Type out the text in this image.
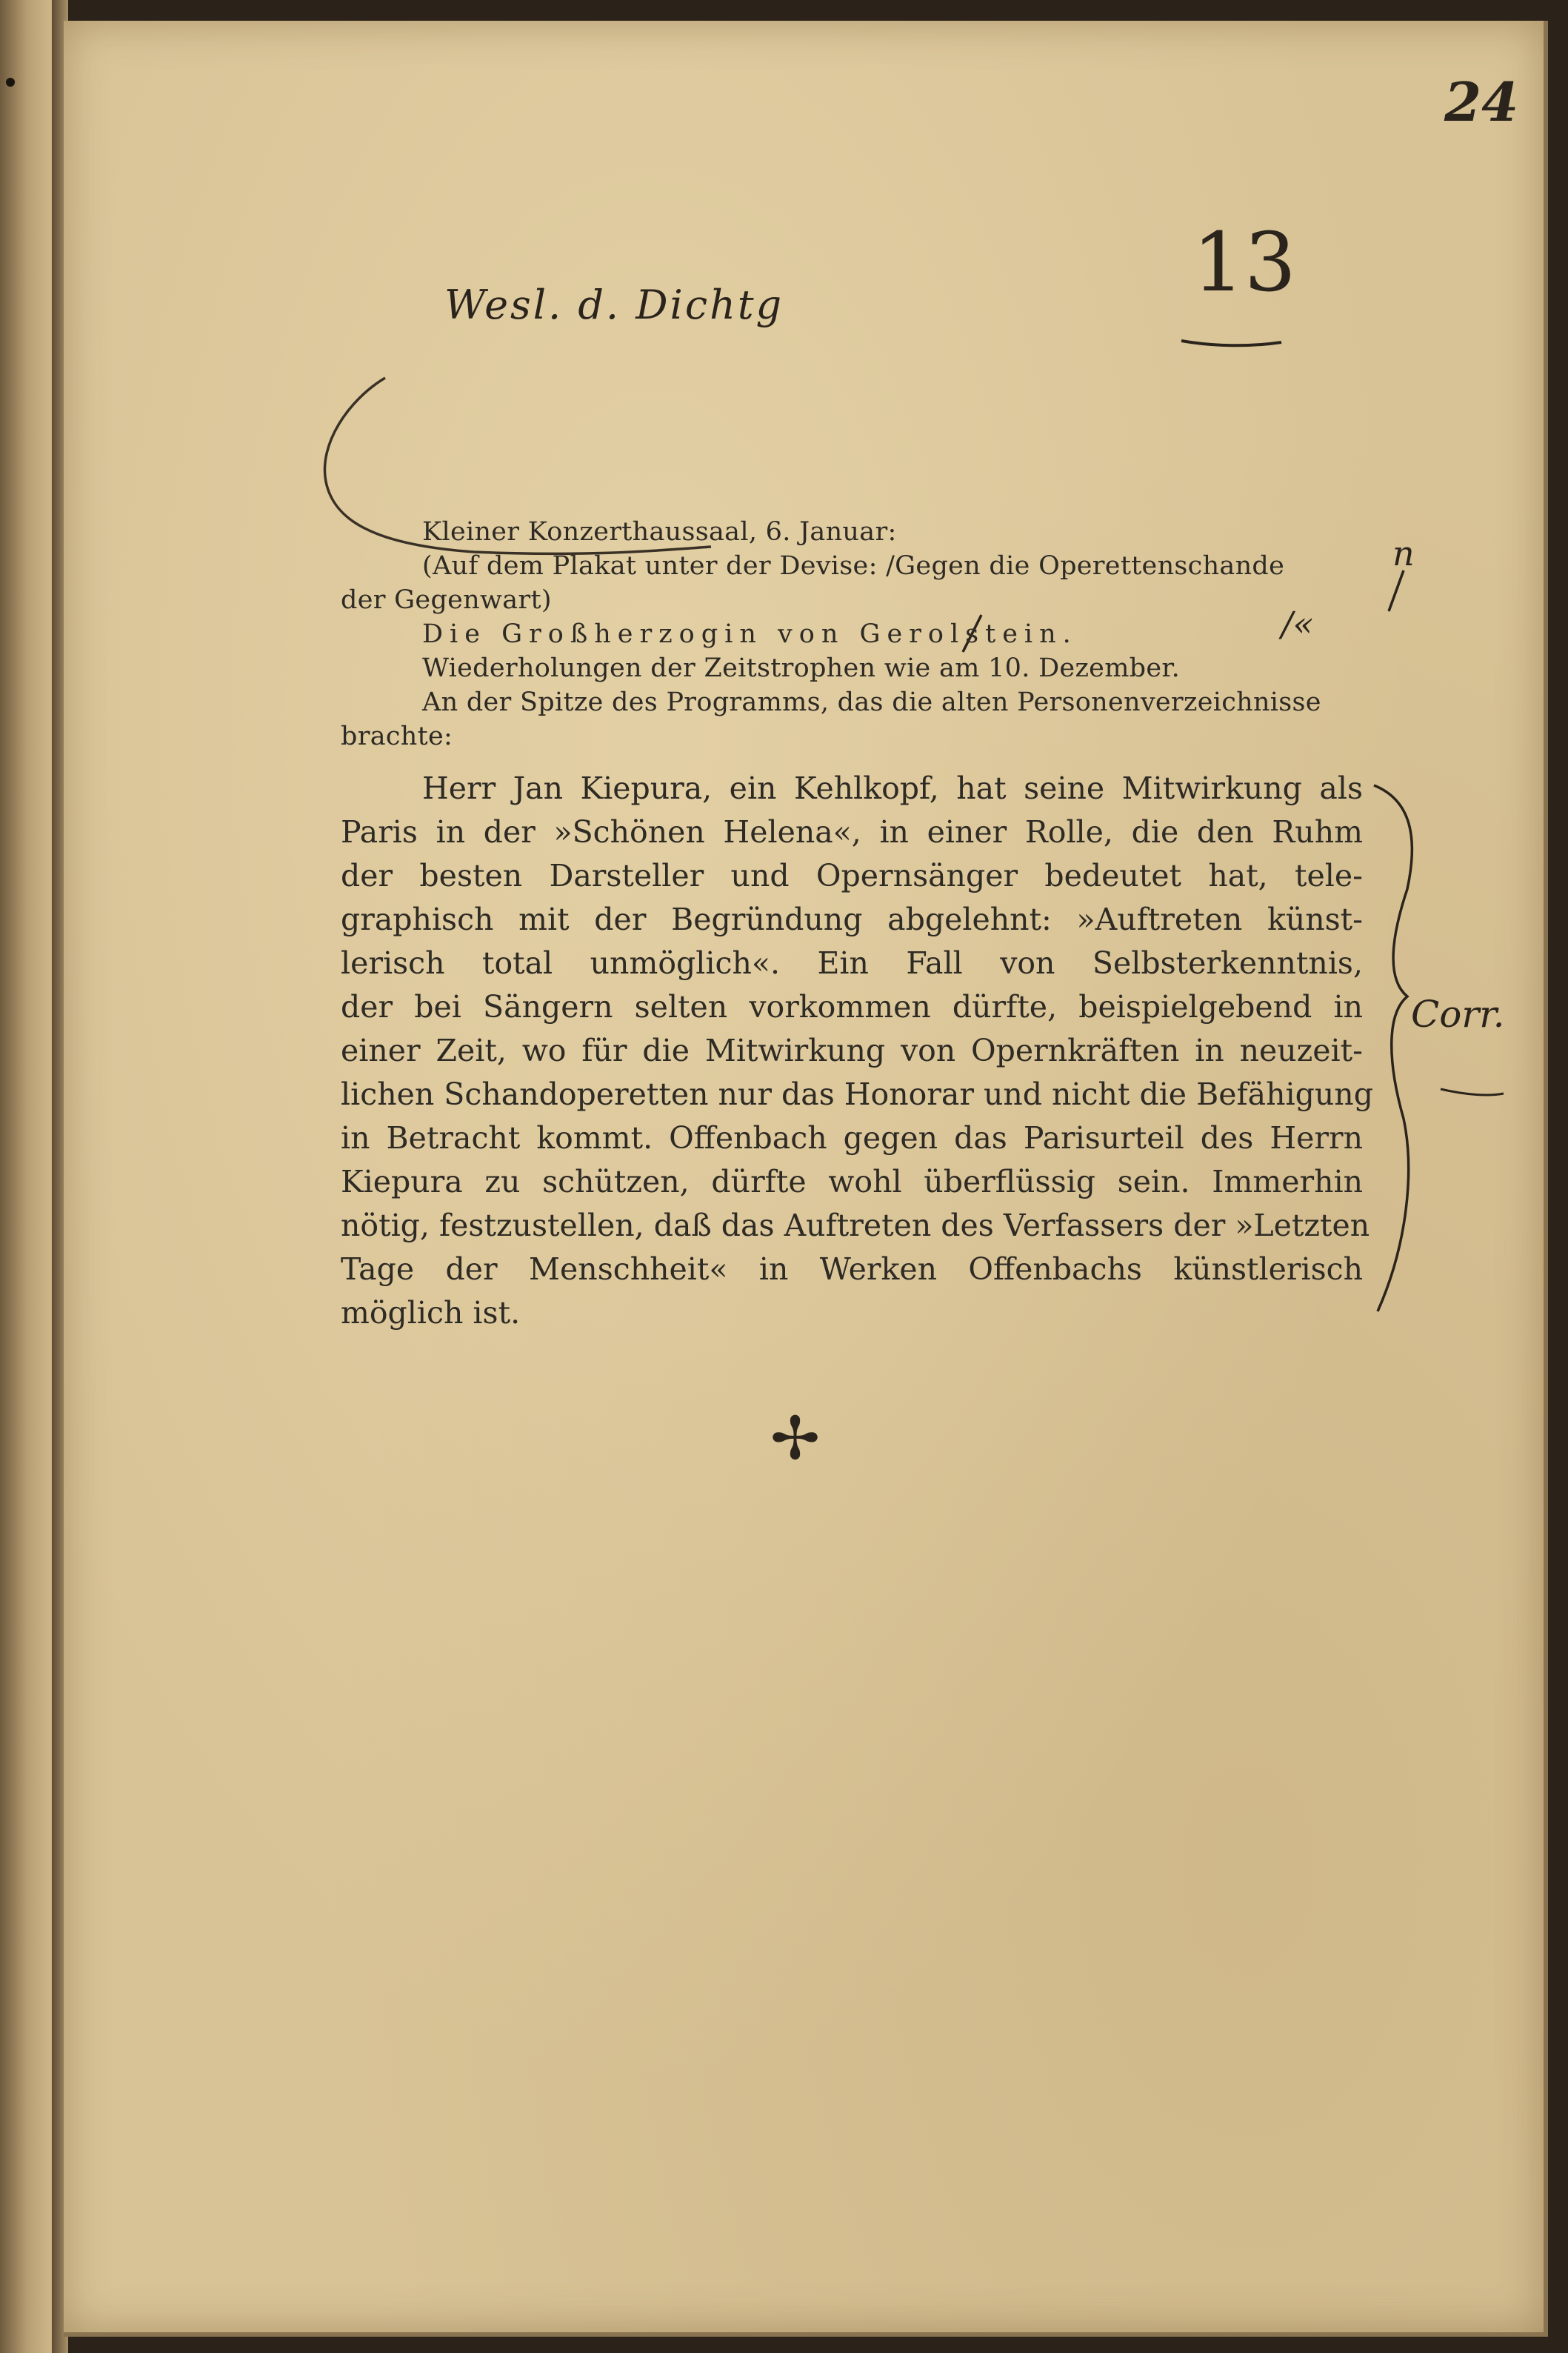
24
13
Wesl. d. Dichtg
Corr.
n
/«
✢
Kleiner Konzerthaussaal, 6. Januar:
(Auf dem Plakat unter der Devise: /Gegen die Operettenschande
der Gegenwart)
Die Großherzogin von Gerolstein.
Wiederholungen der Zeitstrophen wie am 10. Dezember.
An der Spitze des Programms, das die alten Personenverzeichnisse
brachte:
Herr Jan Kiepura, ein Kehlkopf, hat seine Mitwirkung als
Paris in der »Schönen Helena«, in einer Rolle, die den Ruhm
der besten Darsteller und Opernsänger bedeutet hat, tele-
graphisch mit der Begründung abgelehnt: »Auftreten künst-
lerisch total unmöglich«. Ein Fall von Selbsterkenntnis,
der bei Sängern selten vorkommen dürfte, beispielgebend in
einer Zeit, wo für die Mitwirkung von Opernkräften in neuzeit-
lichen Schandoperetten nur das Honorar und nicht die Befähigung
in Betracht kommt. Offenbach gegen das Parisurteil des Herrn
Kiepura zu schützen, dürfte wohl überflüssig sein. Immerhin
nötig, festzustellen, daß das Auftreten des Verfassers der »Letzten
Tage der Menschheit« in Werken Offenbachs künstlerisch
möglich ist.
